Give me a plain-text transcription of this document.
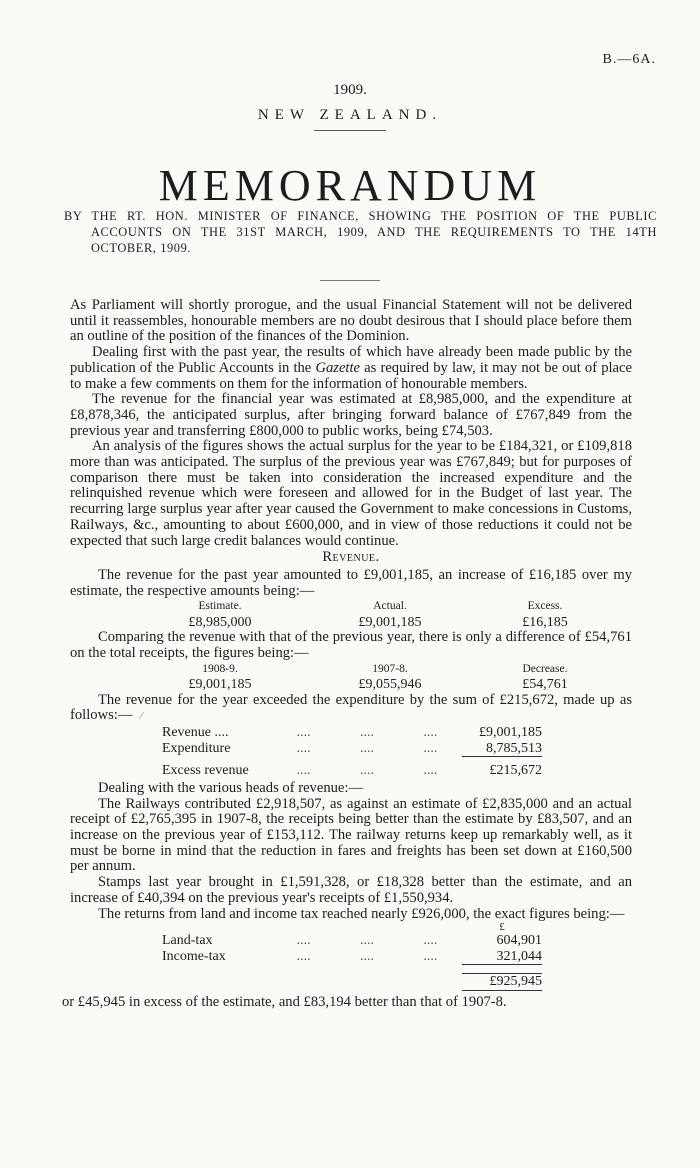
B.—6A.
1909.
NEW ZEALAND.
MEMORANDUM
BY THE RT. HON. MINISTER OF FINANCE, SHOWING THE POSITION OF THE PUBLIC ACCOUNTS ON THE 31ST MARCH, 1909, AND THE REQUIREMENTS TO THE 14TH OCTOBER, 1909.

As Parliament will shortly prorogue, and the usual Financial Statement will not be delivered until it reassembles, honourable members are no doubt desirous that I should place before them an outline of the position of the finances of the Dominion.

Dealing first with the past year, the results of which have already been made public by the publication of the Public Accounts in the Gazette as required by law, it may not be out of place to make a few comments on them for the information of honourable members.

The revenue for the financial year was estimated at £8,985,000, and the expenditure at £8,878,346, the anticipated surplus, after bringing forward balance of £767,849 from the previous year and transferring £800,000 to public works, being £74,503.

An analysis of the figures shows the actual surplus for the year to be £184,321, or £109,818 more than was anticipated. The surplus of the previous year was £767,849; but for purposes of comparison there must be taken into consideration the increased expenditure and the relinquished revenue which were foreseen and allowed for in the Budget of last year. The recurring large surplus year after year caused the Government to make concessions in Customs, Railways, &c., amounting to about £600,000, and in view of those reductions it could not be expected that such large credit balances would continue.

Revenue.

The revenue for the past year amounted to £9,001,185, an increase of £16,185 over my estimate, the respective amounts being:—

Estimate.	Actual.	Excess.
£8,985,000	£9,001,185	£16,185

Comparing the revenue with that of the previous year, there is only a difference of £54,761 on the total receipts, the figures being:—

1908-9.	1907-8.	Decrease.
£9,001,185	£9,055,946	£54,761

The revenue for the year exceeded the expenditure by the sum of £215,672, made up as follows:— ⁄

Revenue ....	....	....	....	£9,001,185
Expenditure	....	....	....	8,785,513
Excess revenue	....	....	....	£215,672

Dealing with the various heads of revenue:—

The Railways contributed £2,918,507, as against an estimate of £2,835,000 and an actual receipt of £2,765,395 in 1907-8, the receipts being better than the estimate by £83,507, and an increase on the previous year of £153,112. The railway returns keep up remarkably well, as it must be borne in mind that the reduction in fares and freights has been set down at £160,500 per annum.

Stamps last year brought in £1,591,328, or £18,328 better than the estimate, and an increase of £40,394 on the previous year's receipts of £1,550,934.

The returns from land and income tax reached nearly £926,000, the exact figures being:—

£
Land-tax	....	....	....	604,901
Income-tax	....	....	....	321,044
£925,945

or £45,945 in excess of the estimate, and £83,194 better than that of 1907-8.
